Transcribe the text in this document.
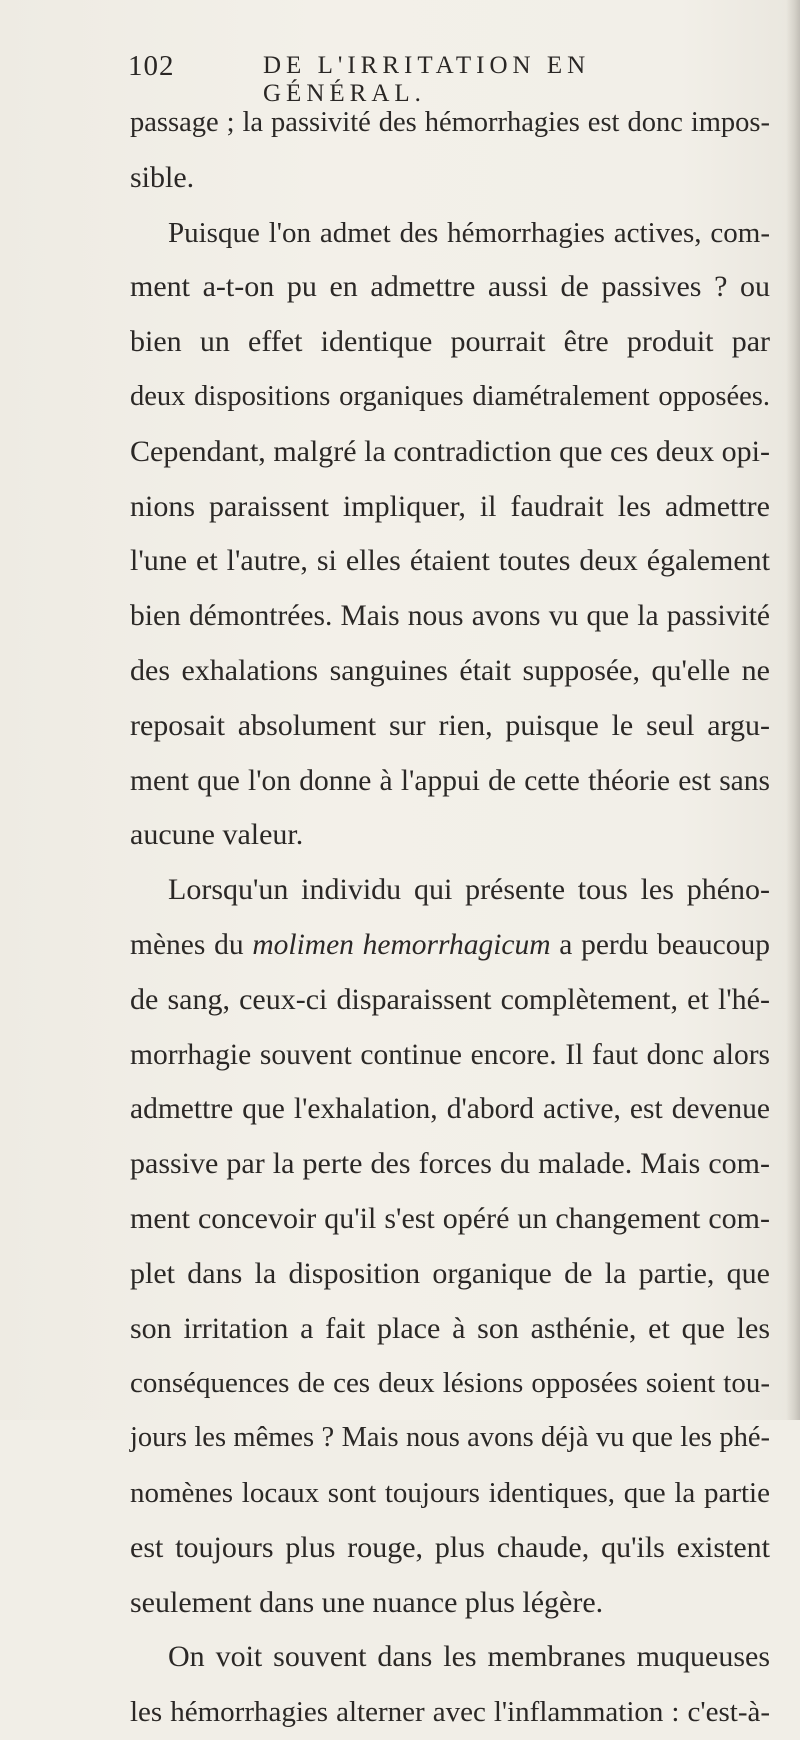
102	DE L'IRRITATION EN GÉNÉRAL.
passage ; la passivité des hémorrhagies est donc impos-
sible.
Puisque l'on admet des hémorrhagies actives, com-
ment a-t-on pu en admettre aussi de passives ? ou
bien un effet identique pourrait être produit par
deux dispositions organiques diamétralement opposées.
Cependant, malgré la contradiction que ces deux opi-
nions paraissent impliquer, il faudrait les admettre
l'une et l'autre, si elles étaient toutes deux également
bien démontrées. Mais nous avons vu que la passivité
des exhalations sanguines était supposée, qu'elle ne
reposait absolument sur rien, puisque le seul argu-
ment que l'on donne à l'appui de cette théorie est sans
aucune valeur.
Lorsqu'un individu qui présente tous les phéno-
mènes du molimen hemorrhagicum a perdu beaucoup
de sang, ceux-ci disparaissent complètement, et l'hé-
morrhagie souvent continue encore. Il faut donc alors
admettre que l'exhalation, d'abord active, est devenue
passive par la perte des forces du malade. Mais com-
ment concevoir qu'il s'est opéré un changement com-
plet dans la disposition organique de la partie, que
son irritation a fait place à son asthénie, et que les
conséquences de ces deux lésions opposées soient tou-
jours les mêmes ? Mais nous avons déjà vu que les phé-
nomènes locaux sont toujours identiques, que la partie
est toujours plus rouge, plus chaude, qu'ils existent
seulement dans une nuance plus légère.
On voit souvent dans les membranes muqueuses
les hémorrhagies alterner avec l'inflammation : c'est-à-
